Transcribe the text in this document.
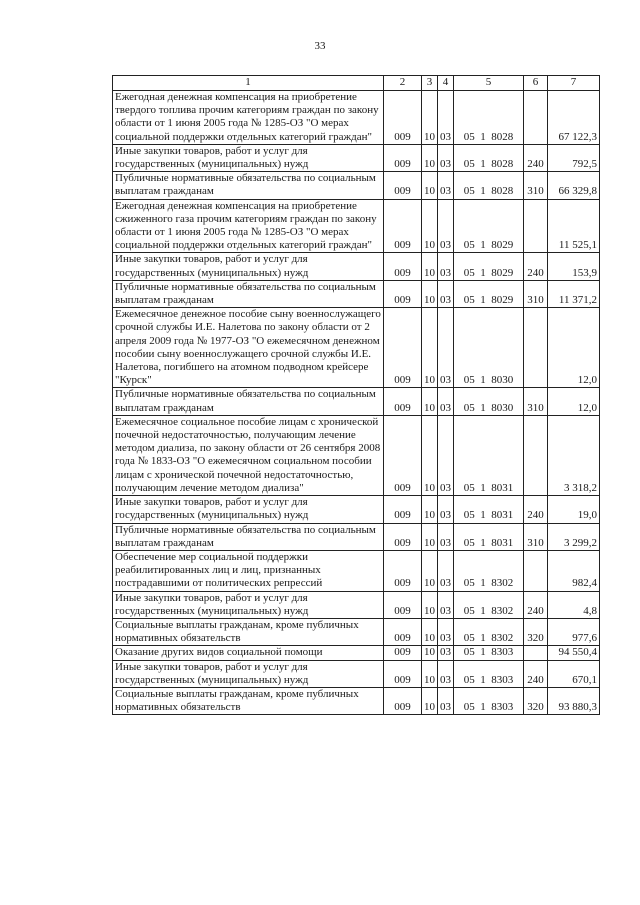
33
1	2	3	4	5	6	7
Ежегодная денежная компенсация на приобретение твердого топлива прочим категориям граждан по закону области от 1 июня 2005 года № 1285-ОЗ "О мерах социальной поддержки отдельных категорий граждан"	009	10	03	05  1  8028		67 122,3
Иные закупки товаров, работ и услуг для государственных (муниципальных) нужд	009	10	03	05  1  8028	240	792,5
Публичные нормативные обязательства по социальным выплатам гражданам	009	10	03	05  1  8028	310	66 329,8
Ежегодная денежная компенсация на приобретение сжиженного газа прочим категориям граждан по закону области от 1 июня 2005 года № 1285-ОЗ "О мерах социальной поддержки отдельных категорий граждан"	009	10	03	05  1  8029		11 525,1
Иные закупки товаров, работ и услуг для государственных (муниципальных) нужд	009	10	03	05  1  8029	240	153,9
Публичные нормативные обязательства по социальным выплатам гражданам	009	10	03	05  1  8029	310	11 371,2
Ежемесячное денежное пособие сыну военнослужащего срочной службы И.Е. Налетова по закону области от 2 апреля 2009 года № 1977-ОЗ "О ежемесячном денежном пособии сыну военнослужащего срочной службы И.Е. Налетова, погибшего на атомном подводном крейсере "Курск"	009	10	03	05  1  8030		12,0
Публичные нормативные обязательства по социальным выплатам гражданам	009	10	03	05  1  8030	310	12,0
Ежемесячное социальное пособие лицам с хронической почечной недостаточностью, получающим лечение методом диализа, по закону области от 26 сентября 2008 года № 1833-ОЗ "О ежемесячном социальном пособии лицам с хронической почечной недостаточностью, получающим лечение методом диализа"	009	10	03	05  1  8031		3 318,2
Иные закупки товаров, работ и услуг для государственных (муниципальных) нужд	009	10	03	05  1  8031	240	19,0
Публичные нормативные обязательства по социальным выплатам гражданам	009	10	03	05  1  8031	310	3 299,2
Обеспечение мер социальной поддержки реабилитированных лиц и лиц, признанных пострадавшими от политических репрессий	009	10	03	05  1  8302		982,4
Иные закупки товаров, работ и услуг для государственных (муниципальных) нужд	009	10	03	05  1  8302	240	4,8
Социальные выплаты гражданам, кроме публичных нормативных обязательств	009	10	03	05  1  8302	320	977,6
Оказание других видов социальной помощи	009	10	03	05  1  8303		94 550,4
Иные закупки товаров, работ и услуг для государственных (муниципальных) нужд	009	10	03	05  1  8303	240	670,1
Социальные выплаты гражданам, кроме публичных нормативных обязательств	009	10	03	05  1  8303	320	93 880,3
